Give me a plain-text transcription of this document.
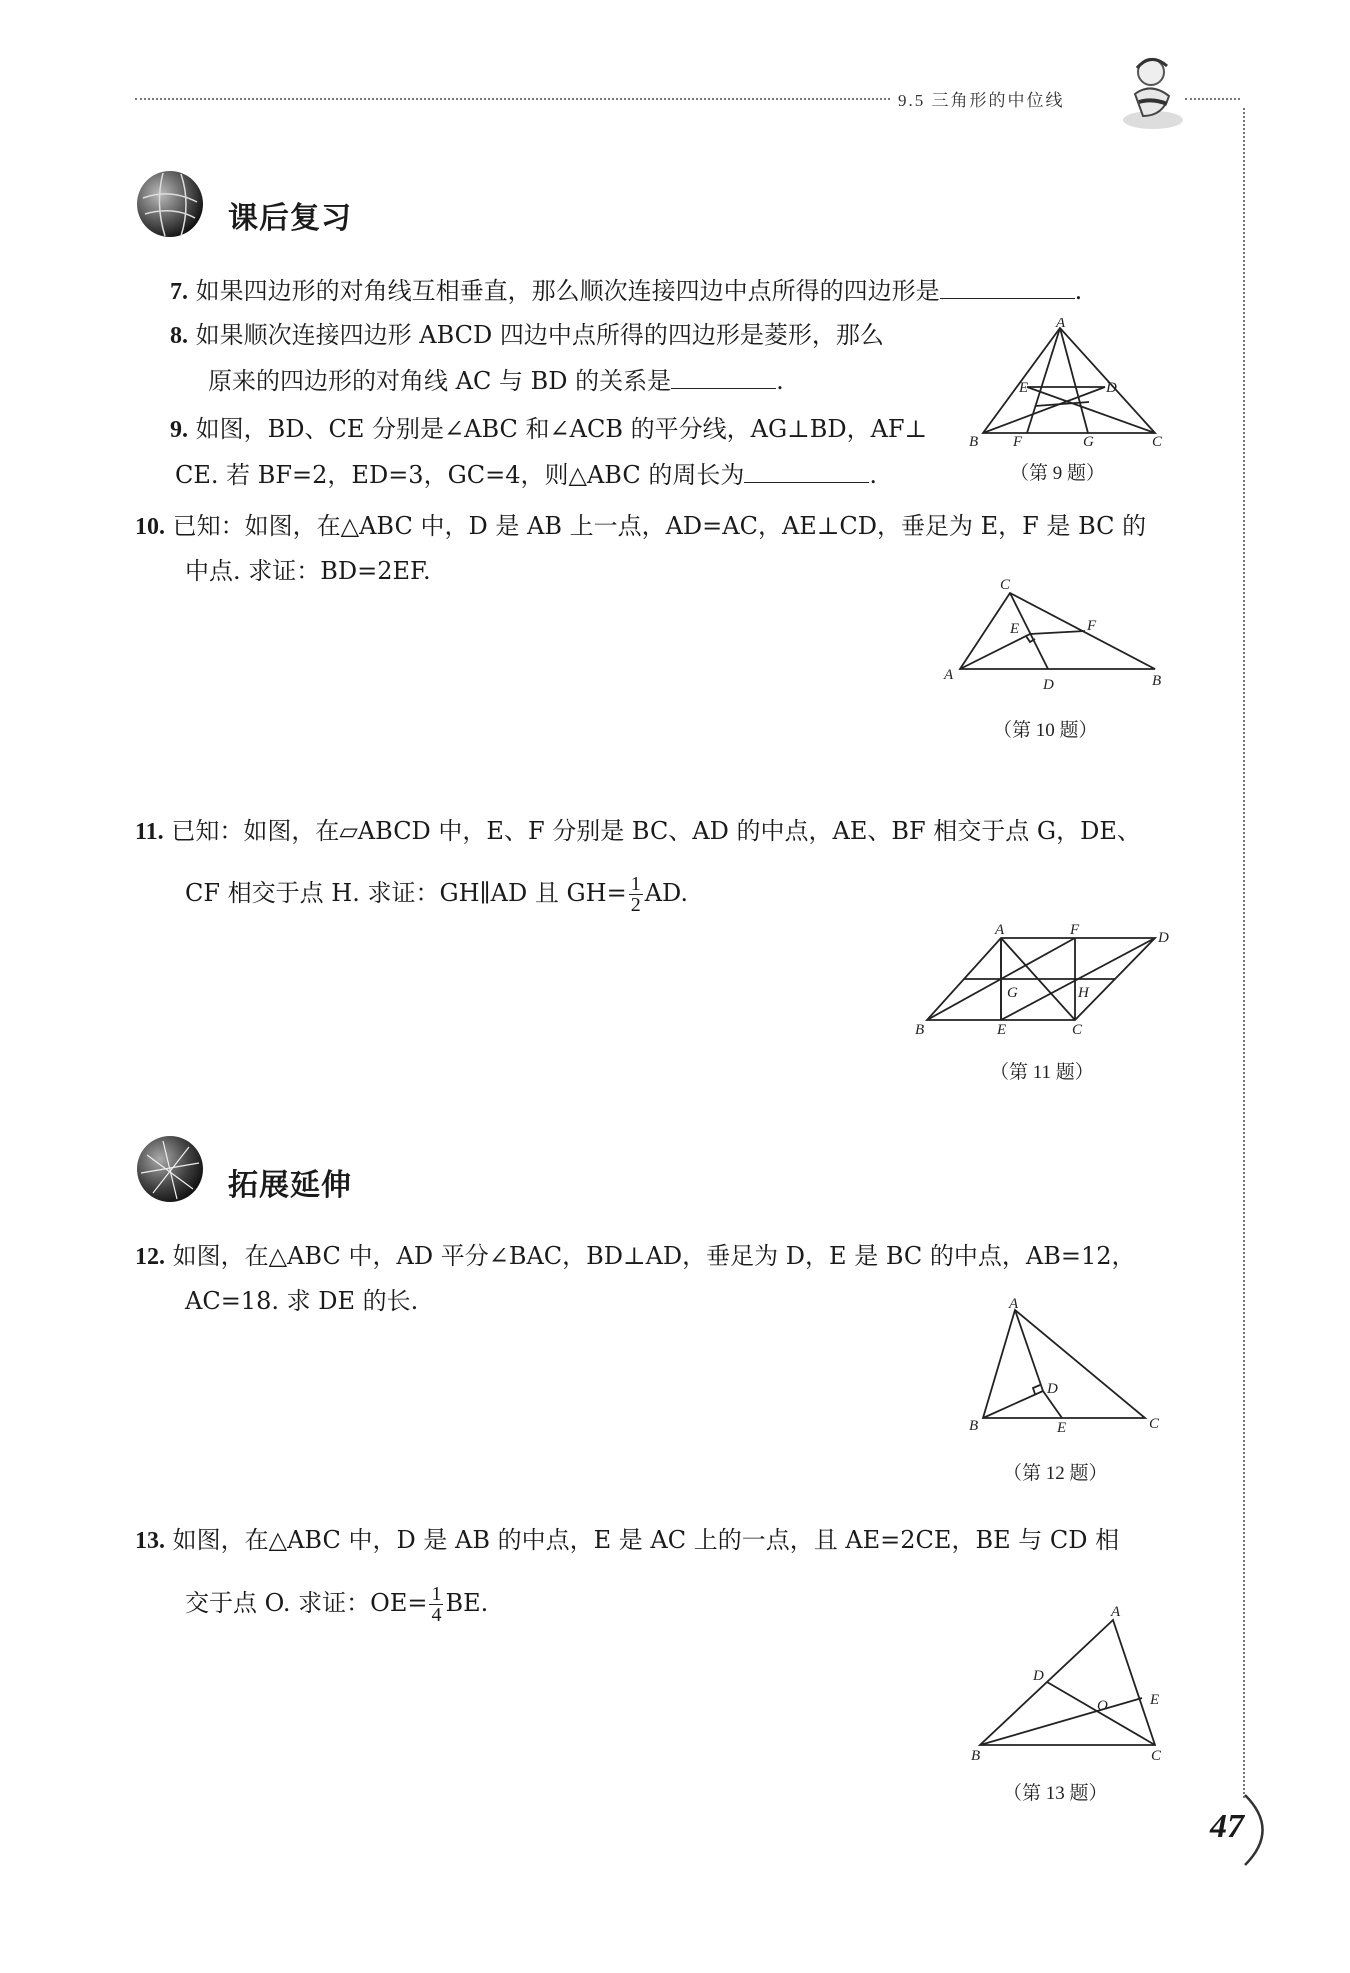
9.5 三角形的中位线
课后复习
7. 如果四边形的对角线互相垂直，那么顺次连接四边中点所得的四边形是	.
8. 如果顺次连接四边形 ABCD 四边中点所得的四边形是菱形，那么
原来的四边形的对角线 AC 与 BD 的关系是	.
9. 如图，BD、CE 分别是∠ABC 和∠ACB 的平分线，AG⊥BD，AF⊥
CE. 若 BF=2，ED=3，GC=4，则△ABC 的周长为	.
A
E	D
B F	G	C
（第 9 题）
10. 已知：如图，在△ABC 中，D 是 AB 上一点，AD=AC，AE⊥CD，垂足为 E，F 是 BC 的
中点. 求证：BD=2EF.	C
E	F
A
D	B
（第 10 题）
11. 已知：如图，在▱ABCD 中，E、F 分别是 BC、AD 的中点，AE、BF 相交于点 G，DE、
CF 相交于点 H. 求证：GH∥AD 且 $GH= \frac{1}{2}$ AD.
A	F	D
G	H
B	E	C
（第 11 题）
拓展延伸
12. 如图，在△ABC 中，AD 平分∠BAC，BD⊥AD，垂足为 D，E 是 BC 的中点，AB=12，
AC=18. 求 DE 的长.	A
D
B	E	C
（第 12 题）
13. 如图，在△ABC 中，D 是 AB 的中点，E 是 AC 上的一点，且 AE=2CE，BE 与 CD 相
交于点 O. 求证：$OE= \frac{1}{4}$ BE.	A
D
O	E
B	C
（第 13 题）
47
